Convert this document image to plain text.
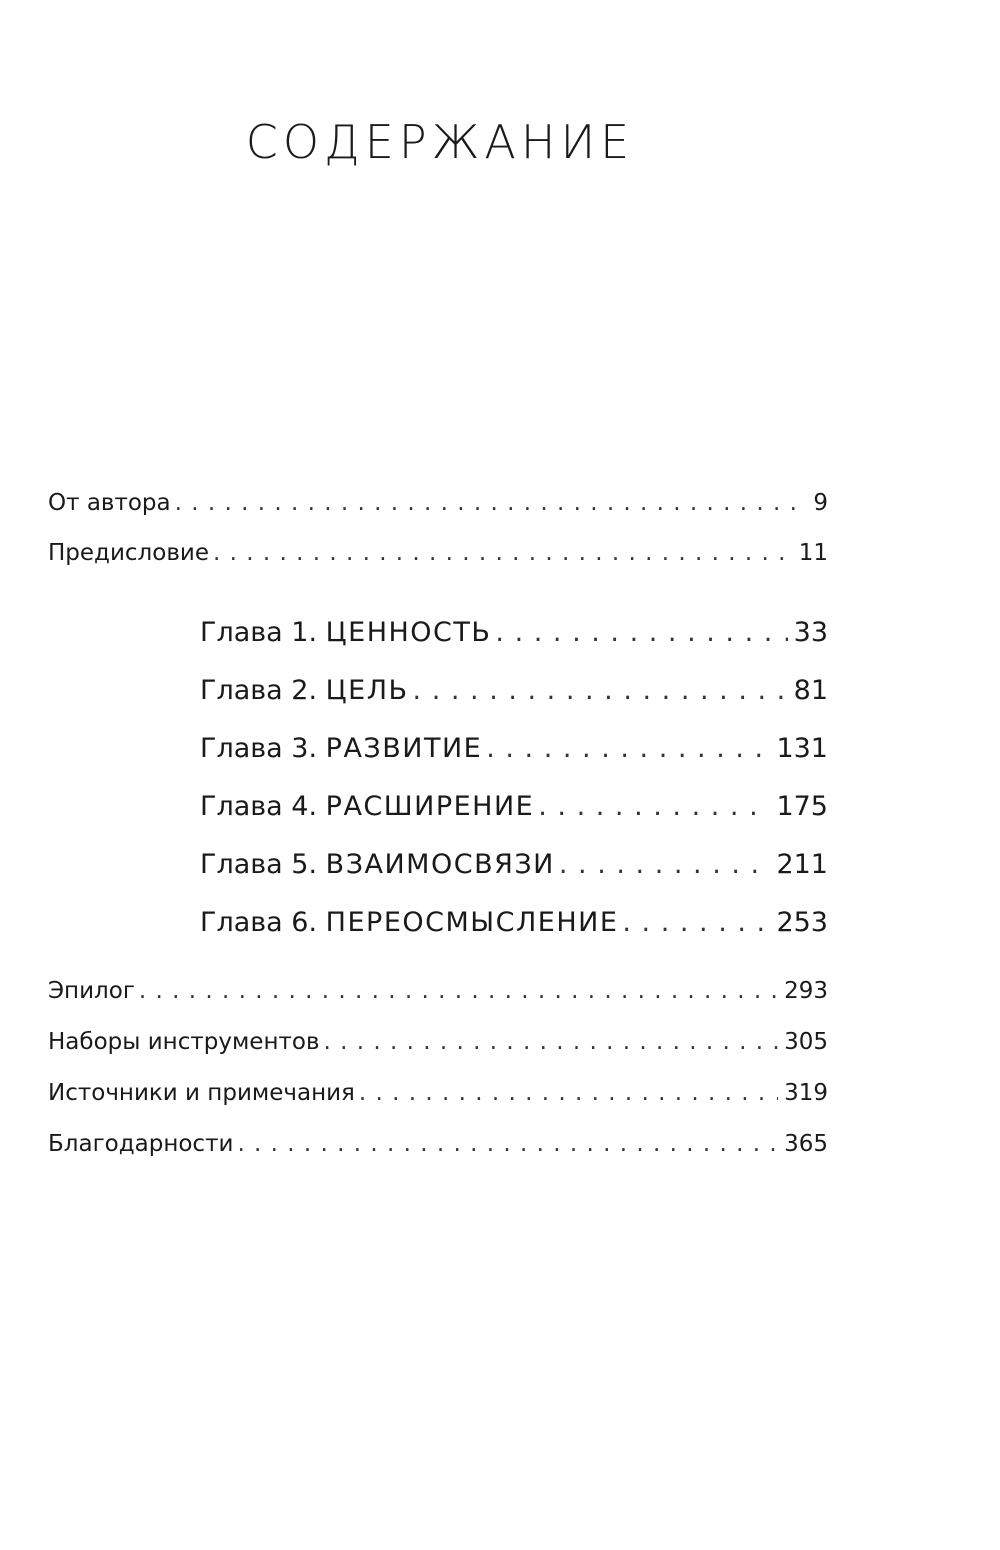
СОДЕРЖАНИЕ
От автора . . .	9
Предисловие . . .	11
Глава 1. ЦЕННОСТЬ . . .	33
Глава 2. ЦЕЛЬ . . .	81
Глава 3. РАЗВИТИЕ . . .	131
Глава 4. РАСШИРЕНИЕ . . .	175
Глава 5. ВЗАИМОСВЯЗИ . . .	211
Глава 6. ПЕРЕОСМЫСЛЕНИЕ . . .	253
Эпилог . . .	293
Наборы инструментов . . .	305
Источники и примечания . . .	319
Благодарности . . .	365
